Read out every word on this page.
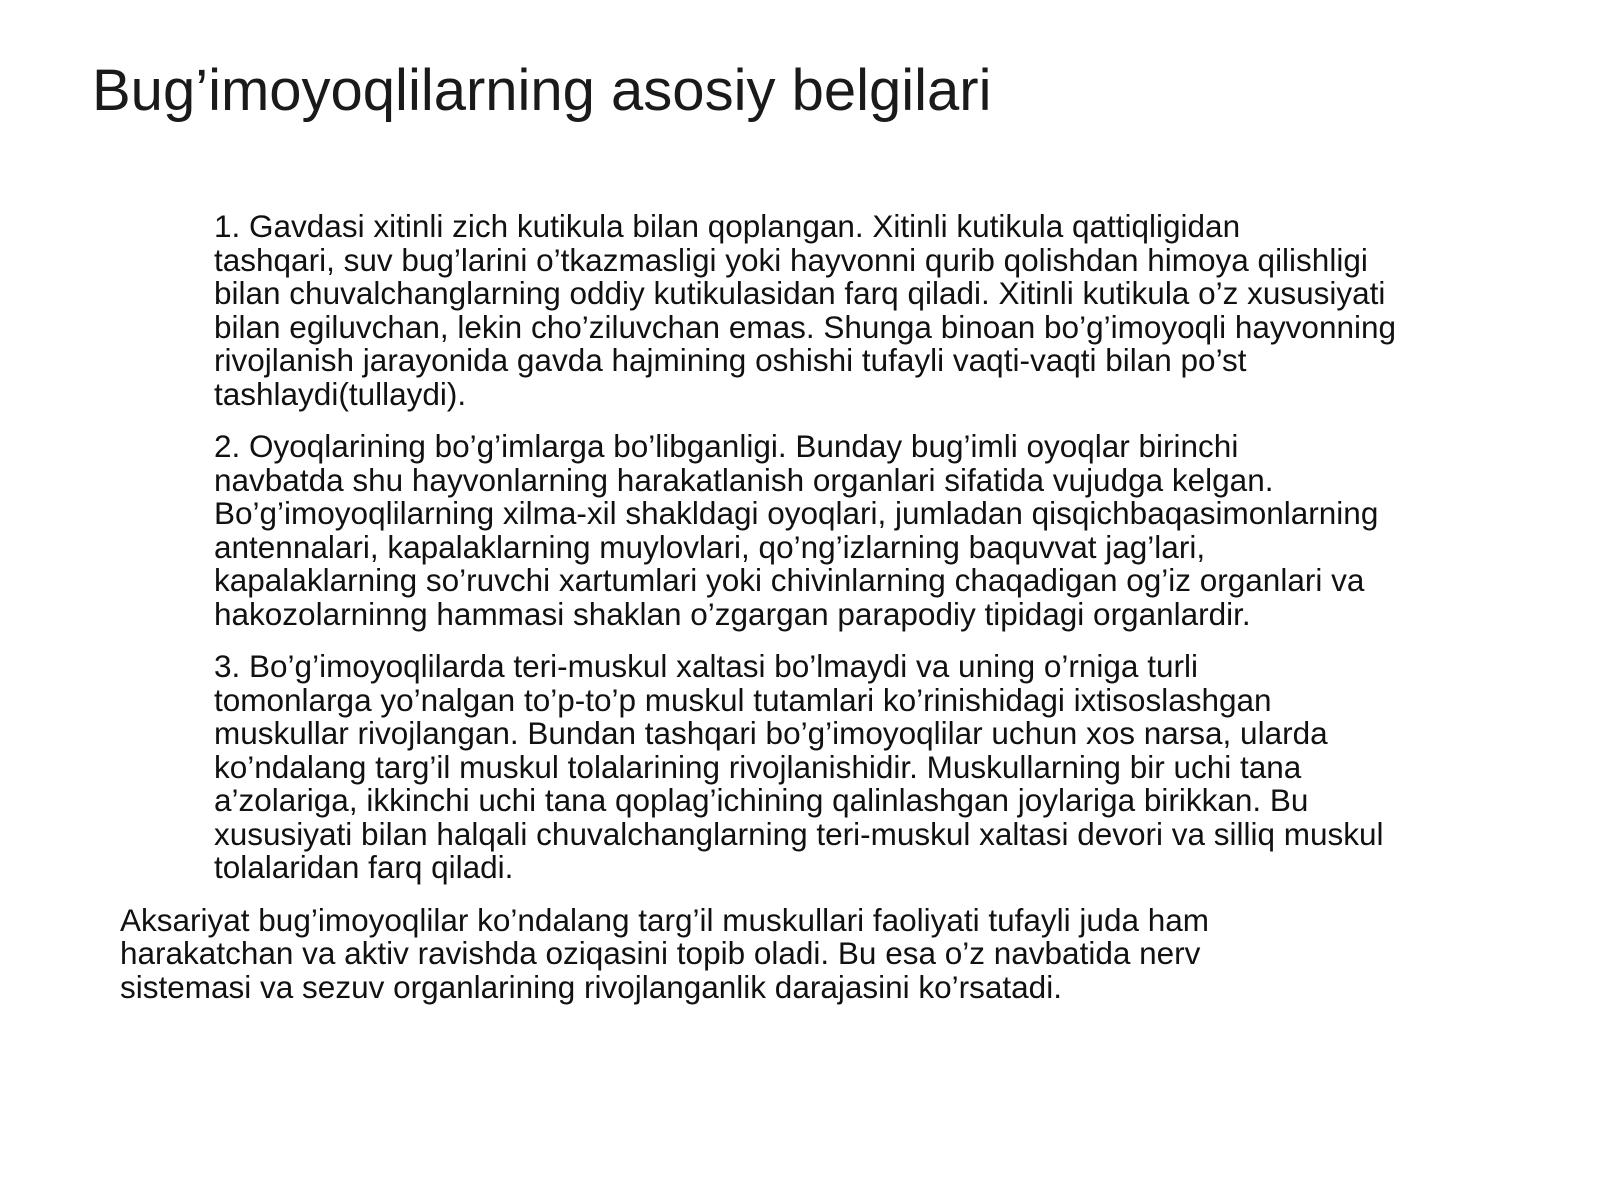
Bug’imoyoqlilarning asosiy belgilari

1. Gavdasi xitinli zich kutikula bilan qoplangan. Xitinli kutikula qattiqligidan
tashqari, suv bug’larini o’tkazmasligi yoki hayvonni qurib qolishdan himoya qilishligi
bilan chuvalchanglarning oddiy kutikulasidan farq qiladi. Xitinli kutikula o’z xususiyati
bilan egiluvchan, lekin cho’ziluvchan emas. Shunga binoan bo’g’imoyoqli hayvonning
rivojlanish jarayonida gavda hajmining oshishi tufayli vaqti-vaqti bilan po’st
tashlaydi(tullaydi).

2. Oyoqlarining bo’g’imlarga bo’libganligi. Bunday bug’imli oyoqlar birinchi
navbatda shu hayvonlarning harakatlanish organlari sifatida vujudga kelgan.
Bo’g’imoyoqlilarning xilma-xil shakldagi oyoqlari, jumladan qisqichbaqasimonlarning
antennalari, kapalaklarning muylovlari, qo’ng’izlarning baquvvat jag’lari,
kapalaklarning so’ruvchi xartumlari yoki chivinlarning chaqadigan og’iz organlari va
hakozolarninng hammasi shaklan o’zgargan parapodiy tipidagi organlardir.

3. Bo’g’imoyoqlilarda teri-muskul xaltasi bo’lmaydi va uning o’rniga turli
tomonlarga yo’nalgan to’p-to’p muskul tutamlari ko’rinishidagi ixtisoslashgan
muskullar rivojlangan. Bundan tashqari bo’g’imoyoqlilar uchun xos narsa, ularda
ko’ndalang targ’il muskul tolalarining rivojlanishidir. Muskullarning bir uchi tana
a’zolariga, ikkinchi uchi tana qoplag’ichining qalinlashgan joylariga birikkan. Bu
xususiyati bilan halqali chuvalchanglarning teri-muskul xaltasi devori va silliq muskul
tolalaridan farq qiladi.

Aksariyat bug’imoyoqlilar ko’ndalang targ’il muskullari faoliyati tufayli juda ham
harakatchan va aktiv ravishda oziqasini topib oladi. Bu esa o’z navbatida nerv
sistemasi va sezuv organlarining rivojlanganlik darajasini ko’rsatadi.
